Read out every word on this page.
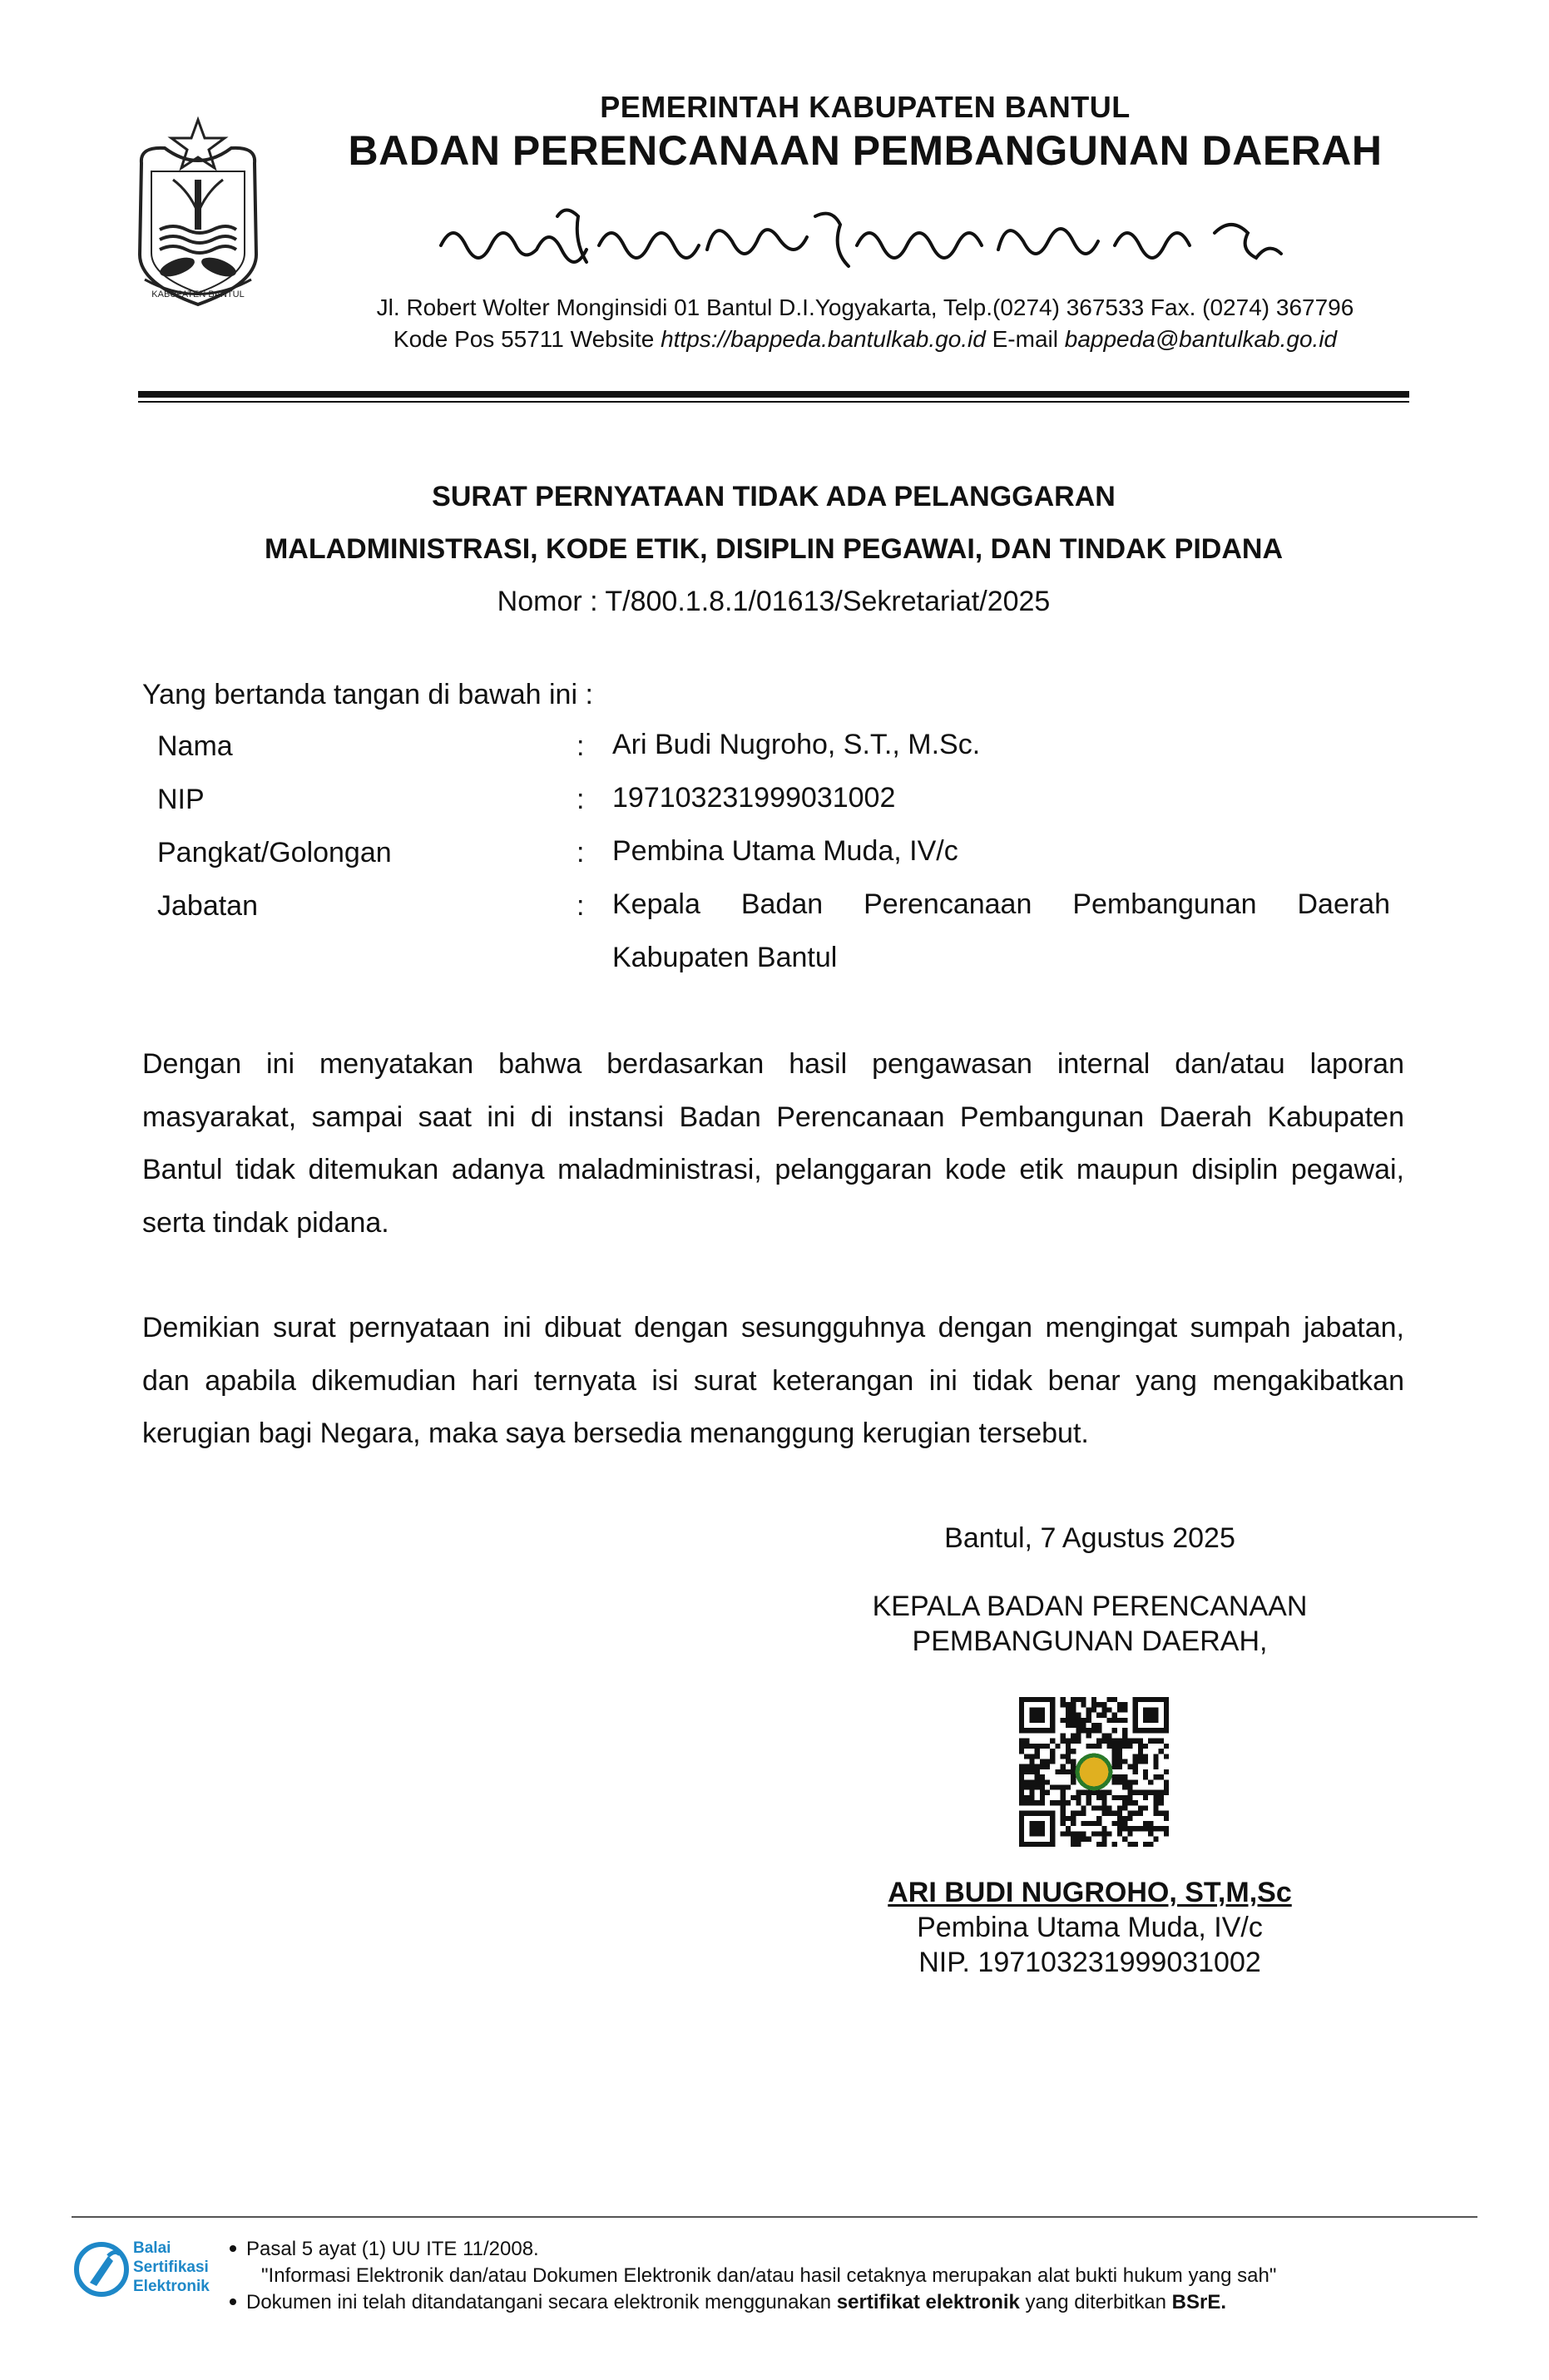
KABUPATEN BANTUL
PEMERINTAH KABUPATEN BANTUL
BADAN PERENCANAAN PEMBANGUNAN DAERAH
Jl. Robert Wolter Monginsidi 01 Bantul D.I.Yogyakarta, Telp.(0274) 367533 Fax. (0274) 367796
Kode Pos 55711 Website https://bappeda.bantulkab.go.id E-mail bappeda@bantulkab.go.id
SURAT PERNYATAAN TIDAK ADA PELANGGARAN
MALADMINISTRASI, KODE ETIK, DISIPLIN PEGAWAI, DAN TINDAK PIDANA
Nomor : T/800.1.8.1/01613/Sekretariat/2025
Yang bertanda tangan di bawah ini :
Nama	: Ari Budi Nugroho, S.T., M.Sc.
NIP	: 197103231999031002
Pangkat/Golongan	: Pembina Utama Muda, IV/c
Jabatan	: Kepala Badan Perencanaan Pembangunan Daerah Kabupaten Bantul
Dengan ini menyatakan bahwa berdasarkan hasil pengawasan internal dan/atau laporan masyarakat, sampai saat ini di instansi Badan Perencanaan Pembangunan Daerah Kabupaten Bantul tidak ditemukan adanya maladministrasi, pelanggaran kode etik maupun disiplin pegawai, serta tindak pidana.
Demikian surat pernyataan ini dibuat dengan sesungguhnya dengan mengingat sumpah jabatan, dan apabila dikemudian hari ternyata isi surat keterangan ini tidak benar yang mengakibatkan kerugian bagi Negara, maka saya bersedia menanggung kerugian tersebut.
Bantul, 7 Agustus 2025
KEPALA BADAN PERENCANAAN
PEMBANGUNAN DAERAH,
ARI BUDI NUGROHO, ST,M,Sc
Pembina Utama Muda, IV/c
NIP. 197103231999031002
Balai
Sertifikasi
Elektronik
Pasal 5 ayat (1) UU ITE 11/2008.
"Informasi Elektronik dan/atau Dokumen Elektronik dan/atau hasil cetaknya merupakan alat bukti hukum yang sah"
Dokumen ini telah ditandatangani secara elektronik menggunakan sertifikat elektronik yang diterbitkan BSrE.
